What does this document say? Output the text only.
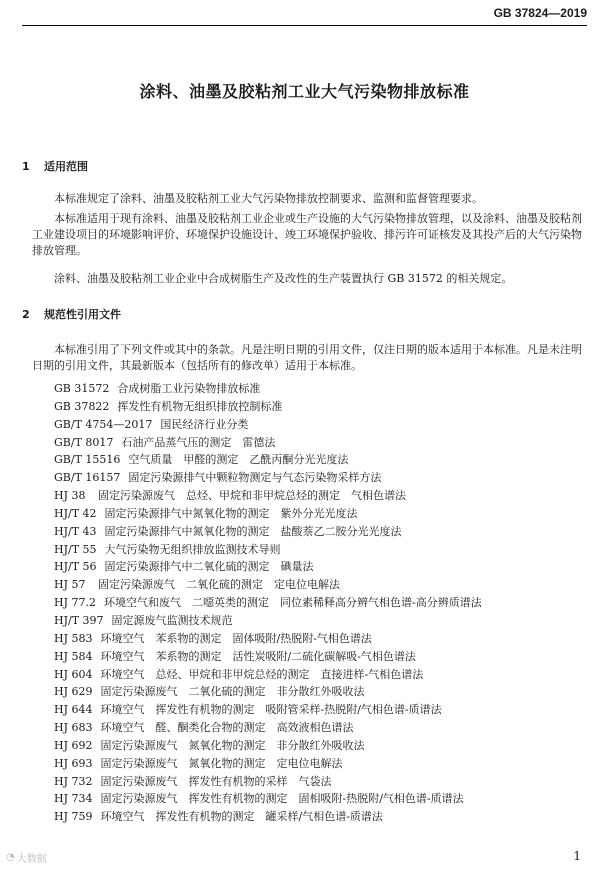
GB 37824—2019

涂料、油墨及胶粘剂工业大气污染物排放标准
1 适用范围

本标准规定了涂料、油墨及胶粘剂工业大气污染物排放控制要求、监测和监督管理要求。

本标准适用于现有涂料、油墨及胶粘剂工业企业或生产设施的大气污染物排放管理，以及涂料、油墨及胶粘剂工业建设项目的环境影响评价、环境保护设施设计、竣工环境保护验收、排污许可证核发及其投产后的大气污染物排放管理。

涂料、油墨及胶粘剂工业企业中合成树脂生产及改性的生产装置执行 GB 31572 的相关规定。

2 规范性引用文件

本标准引用了下列文件或其中的条款。凡是注明日期的引用文件，仅注日期的版本适用于本标准。凡是未注明日期的引用文件，其最新版本（包括所有的修改单）适用于本标准。

GB 31572 合成树脂工业污染物排放标准
GB 37822 挥发性有机物无组织排放控制标准
GB/T 4754—2017 国民经济行业分类
GB/T 8017 石油产品蒸气压的测定　雷德法
GB/T 15516 空气质量　甲醛的测定　乙酰丙酮分光光度法
GB/T 16157 固定污染源排气中颗粒物测定与气态污染物采样方法
HJ 38 固定污染源废气　总烃、甲烷和非甲烷总烃的测定　气相色谱法
HJ/T 42 固定污染源排气中氮氧化物的测定　紫外分光光度法
HJ/T 43 固定污染源排气中氮氧化物的测定　盐酸萘乙二胺分光光度法
HJ/T 55 大气污染物无组织排放监测技术导则
HJ/T 56 固定污染源排气中二氧化硫的测定　碘量法
HJ 57 固定污染源废气　二氧化硫的测定　定电位电解法
HJ 77.2 环境空气和废气　二噁英类的测定　同位素稀释高分辨气相色谱-高分辨质谱法
HJ/T 397 固定源废气监测技术规范
HJ 583 环境空气　苯系物的测定　固体吸附/热脱附-气相色谱法
HJ 584 环境空气　苯系物的测定　活性炭吸附/二硫化碳解吸-气相色谱法
HJ 604 环境空气　总烃、甲烷和非甲烷总烃的测定　直接进样-气相色谱法
HJ 629 固定污染源废气　二氧化硫的测定　非分散红外吸收法
HJ 644 环境空气　挥发性有机物的测定　吸附管采样-热脱附/气相色谱-质谱法
HJ 683 环境空气　醛、酮类化合物的测定　高效液相色谱法
HJ 692 固定污染源废气　氮氧化物的测定　非分散红外吸收法
HJ 693 固定污染源废气　氮氧化物的测定　定电位电解法
HJ 732 固定污染源废气　挥发性有机物的采样　气袋法
HJ 734 固定污染源废气　挥发性有机物的测定　固相吸附-热脱附/气相色谱-质谱法
HJ 759 环境空气　挥发性有机物的测定　罐采样/气相色谱-质谱法

◔ 大数据	1
